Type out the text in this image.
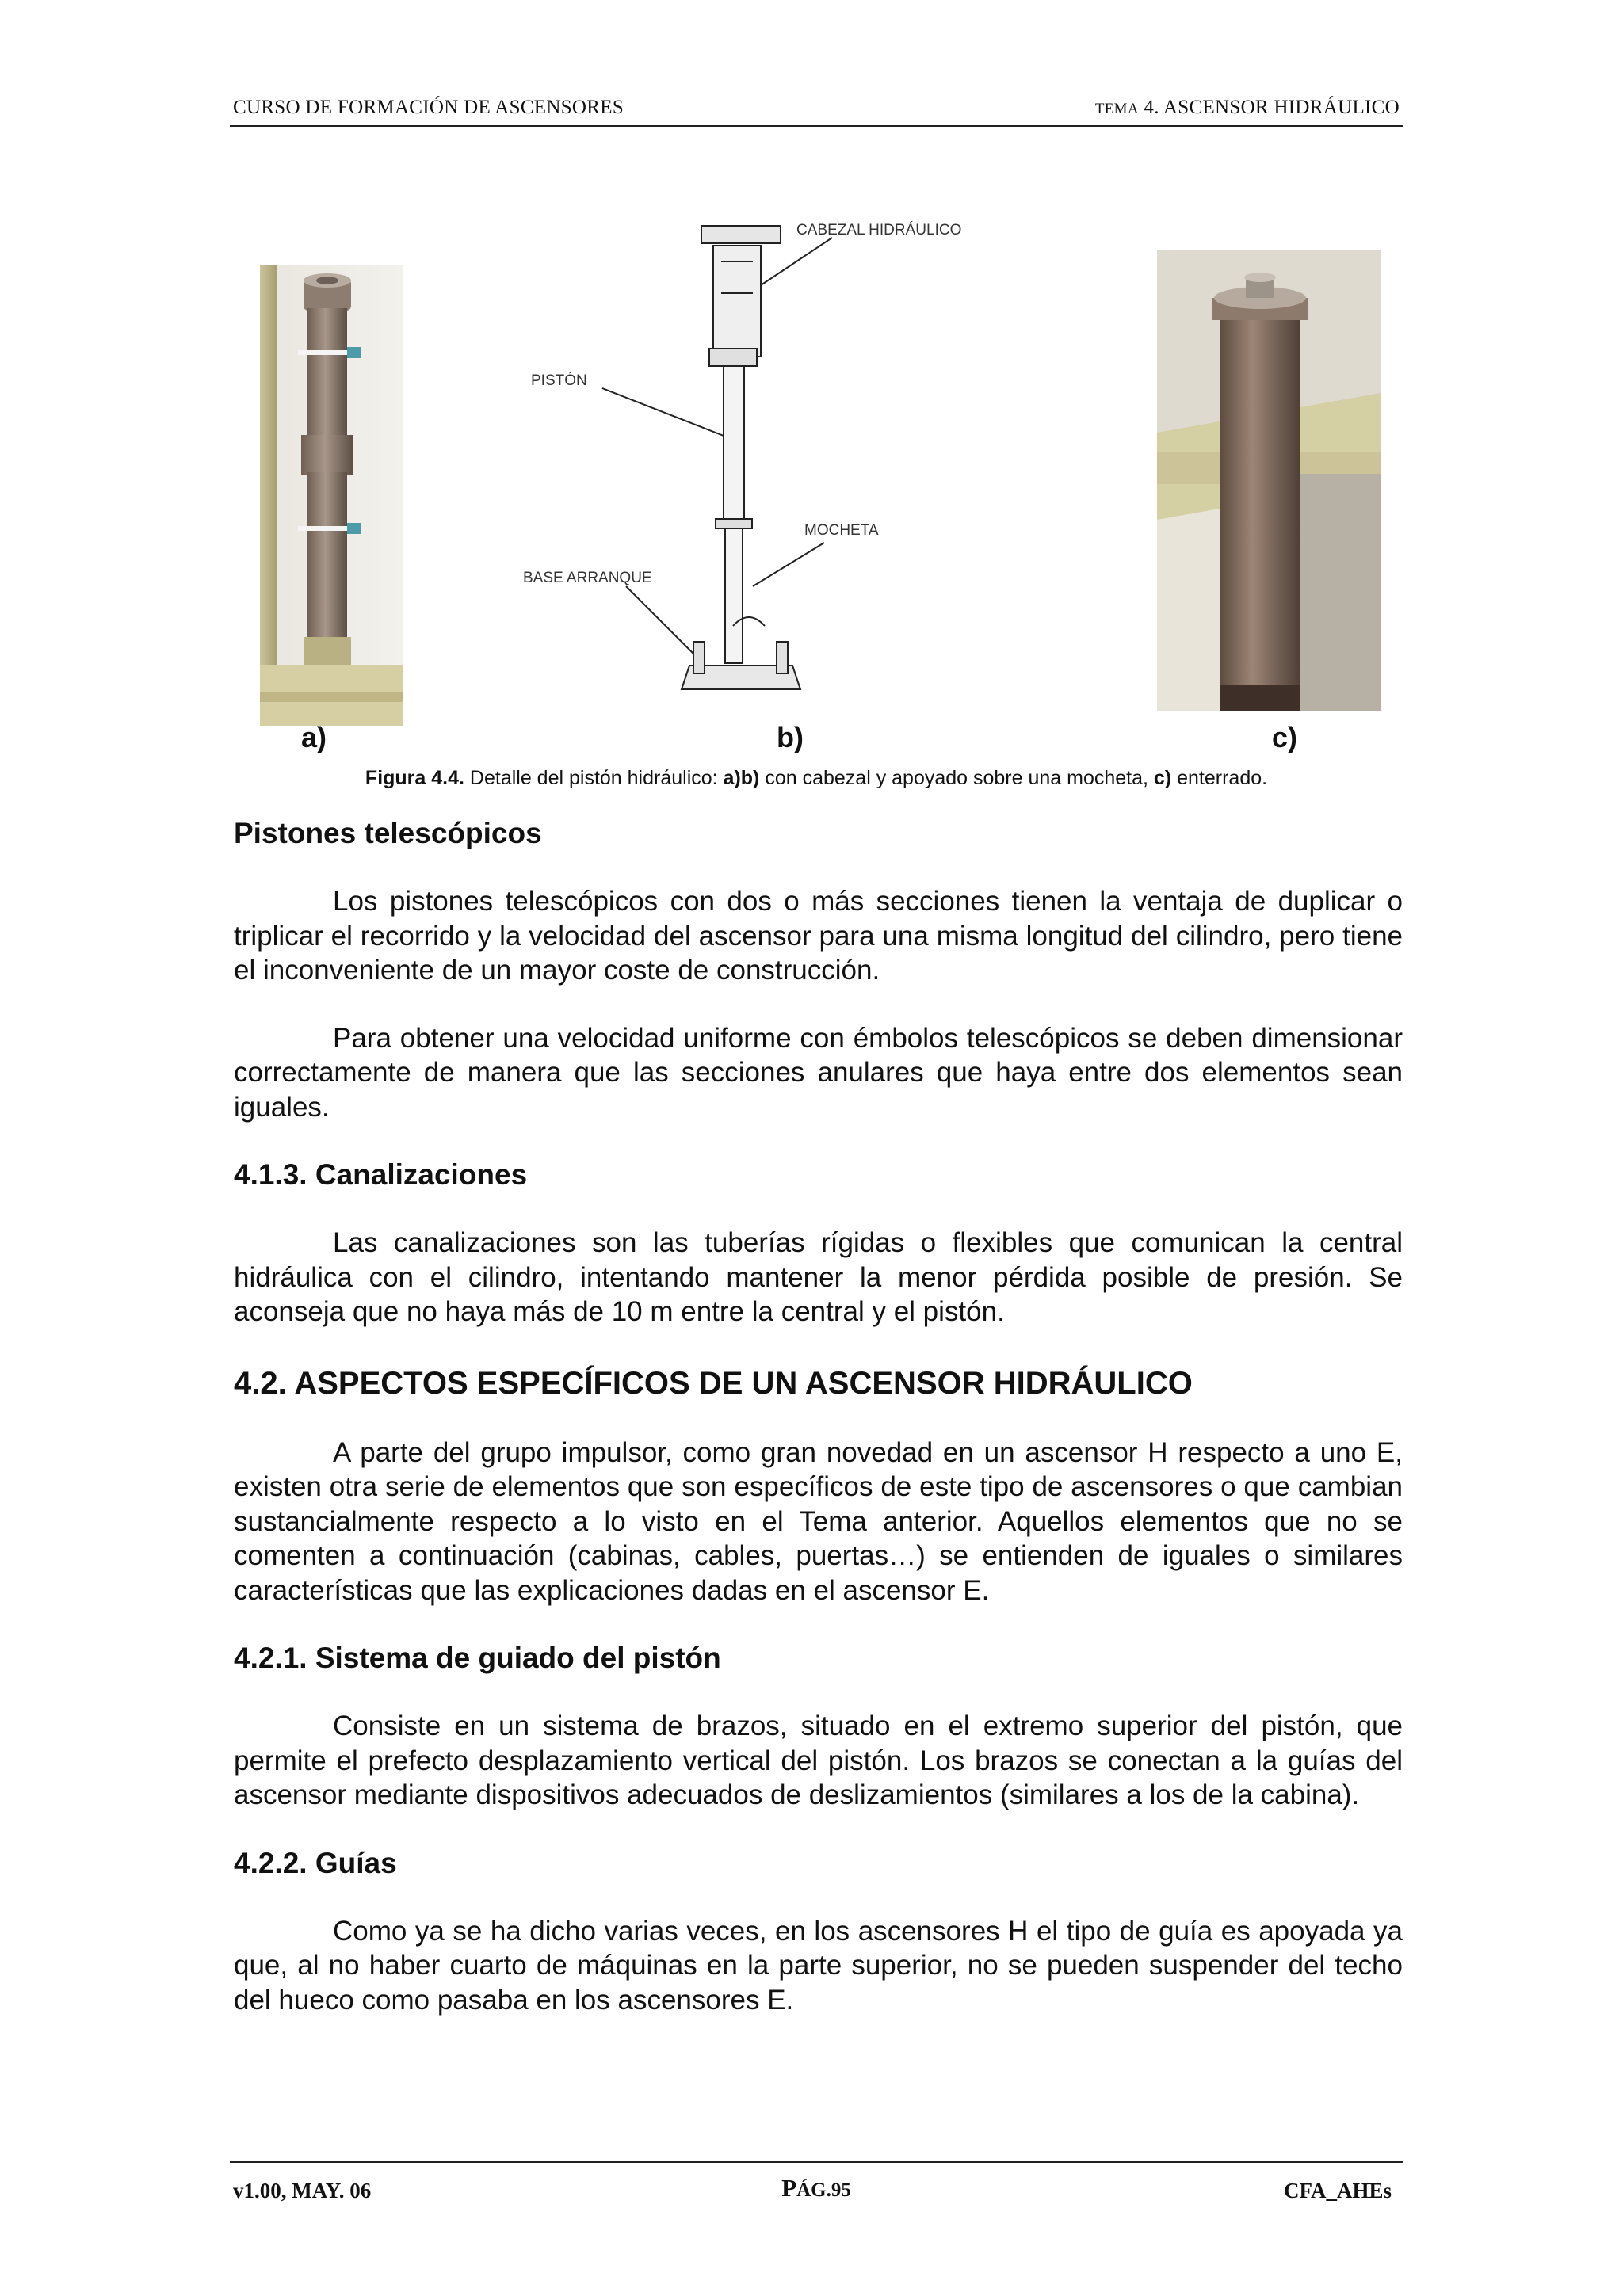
CURSO DE FORMACIÓN DE ASCENSORES	TEMA 4. ASCENSOR HIDRÁULICO
CABEZAL HIDRÁULICO
PISTÓN
MOCHETA
BASE ARRANQUE
a)	b)	c)
Figura 4.4. Detalle del pistón hidráulico: a)b) con cabezal y apoyado sobre una mocheta, c) enterrado.
Pistones telescópicos

Los pistones telescópicos con dos o más secciones tienen la ventaja de duplicar o triplicar el recorrido y la velocidad del ascensor para una misma longitud del cilindro, pero tiene el inconveniente de un mayor coste de construcción.

Para obtener una velocidad uniforme con émbolos telescópicos se deben dimensionar correctamente de manera que las secciones anulares que haya entre dos elementos sean iguales.

4.1.3. Canalizaciones

Las canalizaciones son las tuberías rígidas o flexibles que comunican la central hidráulica con el cilindro, intentando mantener la menor pérdida posible de presión. Se aconseja que no haya más de 10 m entre la central y el pistón.

4.2. ASPECTOS ESPECÍFICOS DE UN ASCENSOR HIDRÁULICO

A parte del grupo impulsor, como gran novedad en un ascensor H respecto a uno E, existen otra serie de elementos que son específicos de este tipo de ascensores o que cambian sustancialmente respecto a lo visto en el Tema anterior. Aquellos elementos que no se comenten a continuación (cabinas, cables, puertas…) se entienden de iguales o similares características que las explicaciones dadas en el ascensor E.

4.2.1. Sistema de guiado del pistón

Consiste en un sistema de brazos, situado en el extremo superior del pistón, que permite el prefecto desplazamiento vertical del pistón. Los brazos se conectan a la guías del ascensor mediante dispositivos adecuados de deslizamientos (similares a los de la cabina).

4.2.2. Guías

Como ya se ha dicho varias veces, en los ascensores H el tipo de guía es apoyada ya que, al no haber cuarto de máquinas en la parte superior, no se pueden suspender del techo del hueco como pasaba en los ascensores E.

v1.00, MAY. 06	PÁG.95	CFA_AHEs
